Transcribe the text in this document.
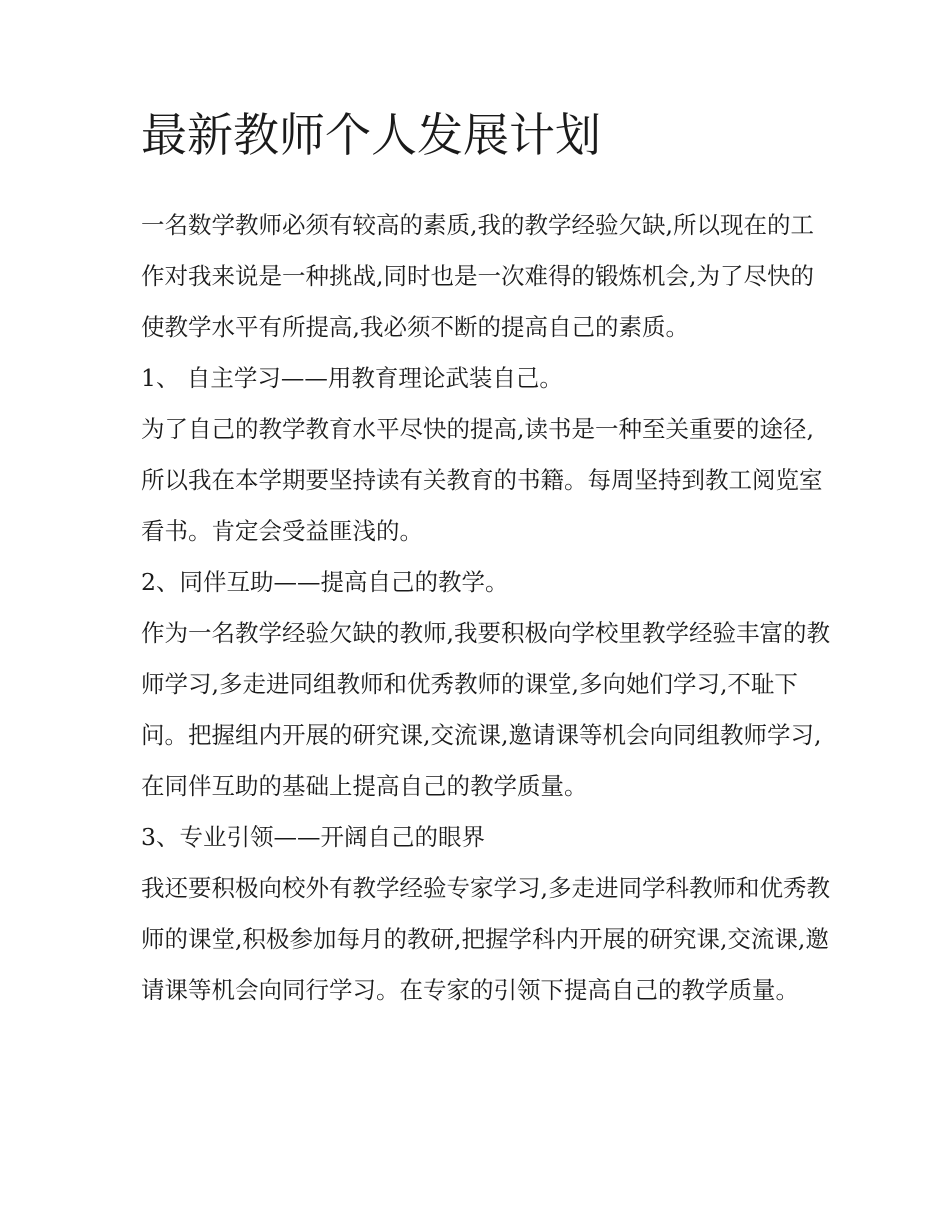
最新教师个人发展计划

一名数学教师必须有较高的素质,我的教学经验欠缺,所以现在的工作对我来说是一种挑战,同时也是一次难得的锻炼机会,为了尽快的使教学水平有所提高,我必须不断的提高自己的素质。

1、 自主学习——用教育理论武装自己。

为了自己的教学教育水平尽快的提高,读书是一种至关重要的途径,所以我在本学期要坚持读有关教育的书籍。每周坚持到教工阅览室看书。肯定会受益匪浅的。

2、同伴互助——提高自己的教学。

作为一名教学经验欠缺的教师,我要积极向学校里教学经验丰富的教师学习,多走进同组教师和优秀教师的课堂,多向她们学习,不耻下问。把握组内开展的研究课,交流课,邀请课等机会向同组教师学习,在同伴互助的基础上提高自己的教学质量。

3、专业引领——开阔自己的眼界

我还要积极向校外有教学经验专家学习,多走进同学科教师和优秀教师的课堂,积极参加每月的教研,把握学科内开展的研究课,交流课,邀请课等机会向同行学习。在专家的引领下提高自己的教学质量。
